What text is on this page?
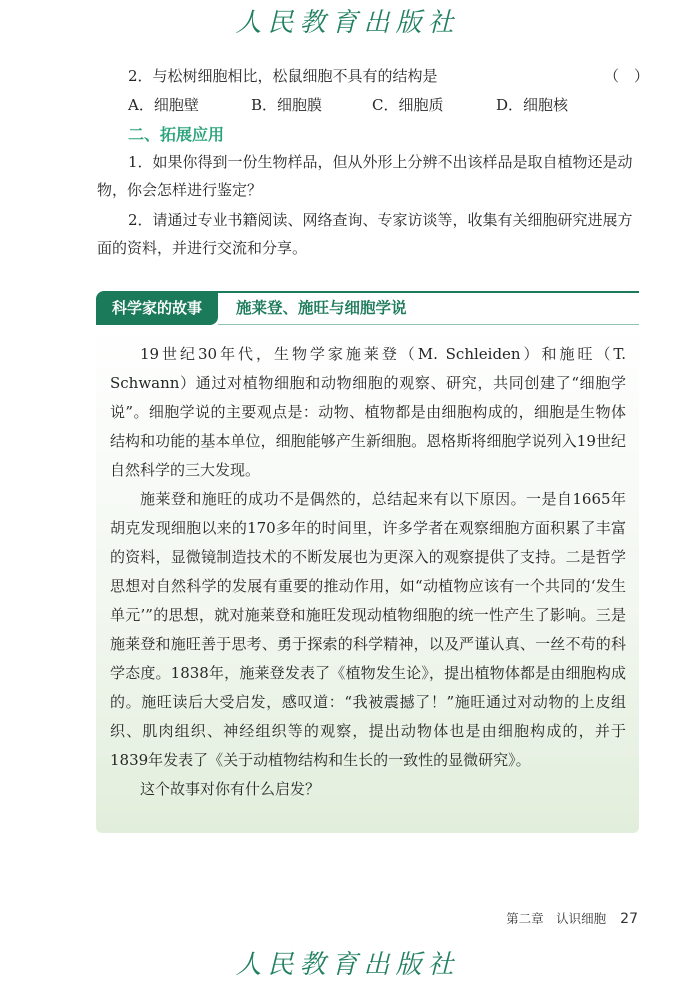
人民教育出版社
2．与松树细胞相比，松鼠细胞不具有的结构是	（　）
A．细胞壁	B．细胞膜	C．细胞质	D．细胞核
二、拓展应用
1．如果你得到一份生物样品，但从外形上分辨不出该样品是取自植物还是动物，你会怎样进行鉴定？
2．请通过专业书籍阅读、网络查询、专家访谈等，收集有关细胞研究进展方面的资料，并进行交流和分享。
科学家的故事	施莱登、施旺与细胞学说

19世纪30年代，生物学家施莱登（M. Schleiden）和施旺（T. Schwann）通过对植物细胞和动物细胞的观察、研究，共同创建了“细胞学说”。细胞学说的主要观点是：动物、植物都是由细胞构成的，细胞是生物体结构和功能的基本单位，细胞能够产生新细胞。恩格斯将细胞学说列入19世纪自然科学的三大发现。

施莱登和施旺的成功不是偶然的，总结起来有以下原因。一是自1665年胡克发现细胞以来的170多年的时间里，许多学者在观察细胞方面积累了丰富的资料，显微镜制造技术的不断发展也为更深入的观察提供了支持。二是哲学思想对自然科学的发展有重要的推动作用，如“动植物应该有一个共同的‘发生单元’”的思想，就对施莱登和施旺发现动植物细胞的统一性产生了影响。三是施莱登和施旺善于思考、勇于探索的科学精神，以及严谨认真、一丝不苟的科学态度。1838年，施莱登发表了《植物发生论》，提出植物体都是由细胞构成的。施旺读后大受启发，感叹道：“我被震撼了！”施旺通过对动物的上皮组织、肌肉组织、神经组织等的观察，提出动物体也是由细胞构成的，并于1839年发表了《关于动植物结构和生长的一致性的显微研究》。

这个故事对你有什么启发？

第二章　认识细胞 27
人民教育出版社
